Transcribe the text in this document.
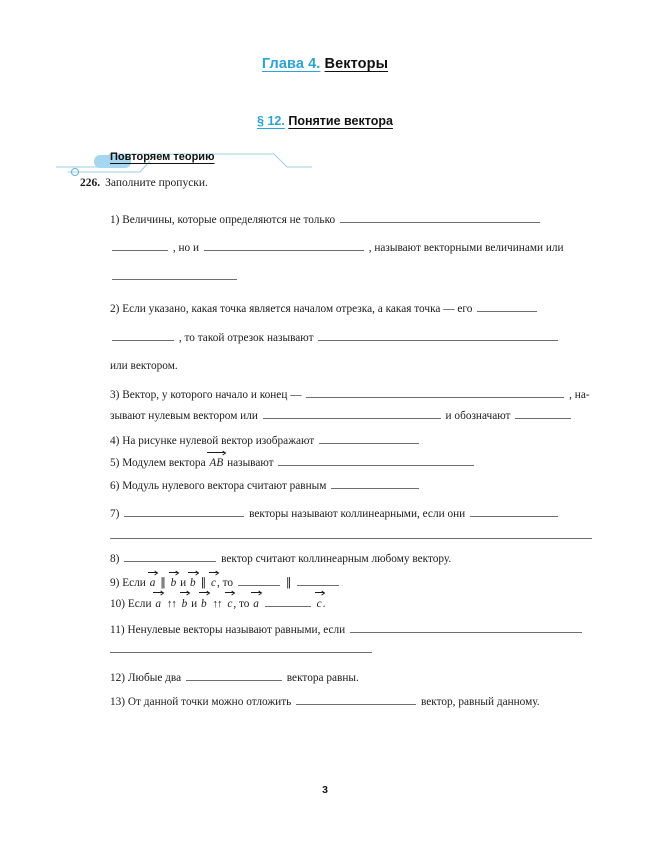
Глава 4. Векторы
§ 12. Понятие вектора
Повторяем теорию
226. Заполните пропуски.
1) Величины, которые определяются не только
, но и	, называют векторными величинами или
2) Если указано, какая точка является началом отрезка, а какая точка — его
, то такой отрезок называют
или вектором.
3) Вектор, у которого начало и конец —	, на-
зывают нулевым вектором или	и обозначают
4) На рисунке нулевой вектор изображают
5) Модулем вектора AB называют
6) Модуль нулевого вектора считают равным
7)	векторы называют коллинеарными, если они
8)	вектор считают коллинеарным любому вектору.
9) Если a ∥ b и b ∥ c, то	∥
10) Если a ↑↑ b и b ↑↑ c, то a	c.
11) Ненулевые векторы называют равными, если
12) Любые два	вектора равны.
13) От данной точки можно отложить	вектор, равный данному.
3
